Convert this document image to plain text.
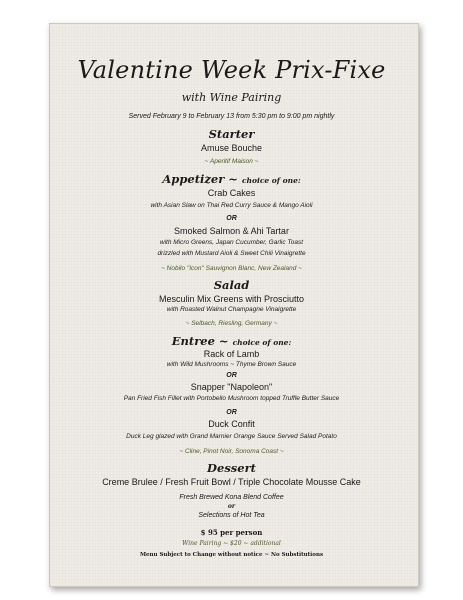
Valentine Week Prix-Fixe
with Wine Pairing
Served February 9 to February 13 from 5:30 pm to 9:00 pm nightly
Starter
Amuse Bouche
~ Aperitif Maison ~
Appetizer ~ choice of one:
Crab Cakes
with Asian Slaw on Thai Red Curry Sauce & Mango Aioli
OR
Smoked Salmon & Ahi Tartar
with Micro Greens, Japan Cucumber, Garlic Toast
drizzled with Mustard Aioli & Sweet Chili Vinaigrette
~ Nobilo "Icon" Sauvignon Blanc, New Zealand ~
Salad
Mesculin Mix Greens with Prosciutto
with Roasted Walnut Champagne Vinaigrette
~ Selbach, Riesling, Germany ~
Entree ~ choice of one:
Rack of Lamb
with Wild Mushrooms ~ Thyme Brown Sauce
OR
Snapper "Napoleon"
Pan Fried Fish Fillet with Portobello Mushroom topped Truffle Butter Sauce
OR
Duck Confit
Duck Leg glazed with Grand Marnier Orange Sauce Served Salad Potato
~ Cline, Pinot Noir, Sonoma Coast ~
Dessert
Creme Brulee / Fresh Fruit Bowl / Triple Chocolate Mousse Cake
Fresh Brewed Kona Blend Coffee
or
Selections of Hot Tea
$ 95 per person
Wine Pairing ~ $20 ~ additional
Menu Subject to Change without notice ~ No Substitutions
